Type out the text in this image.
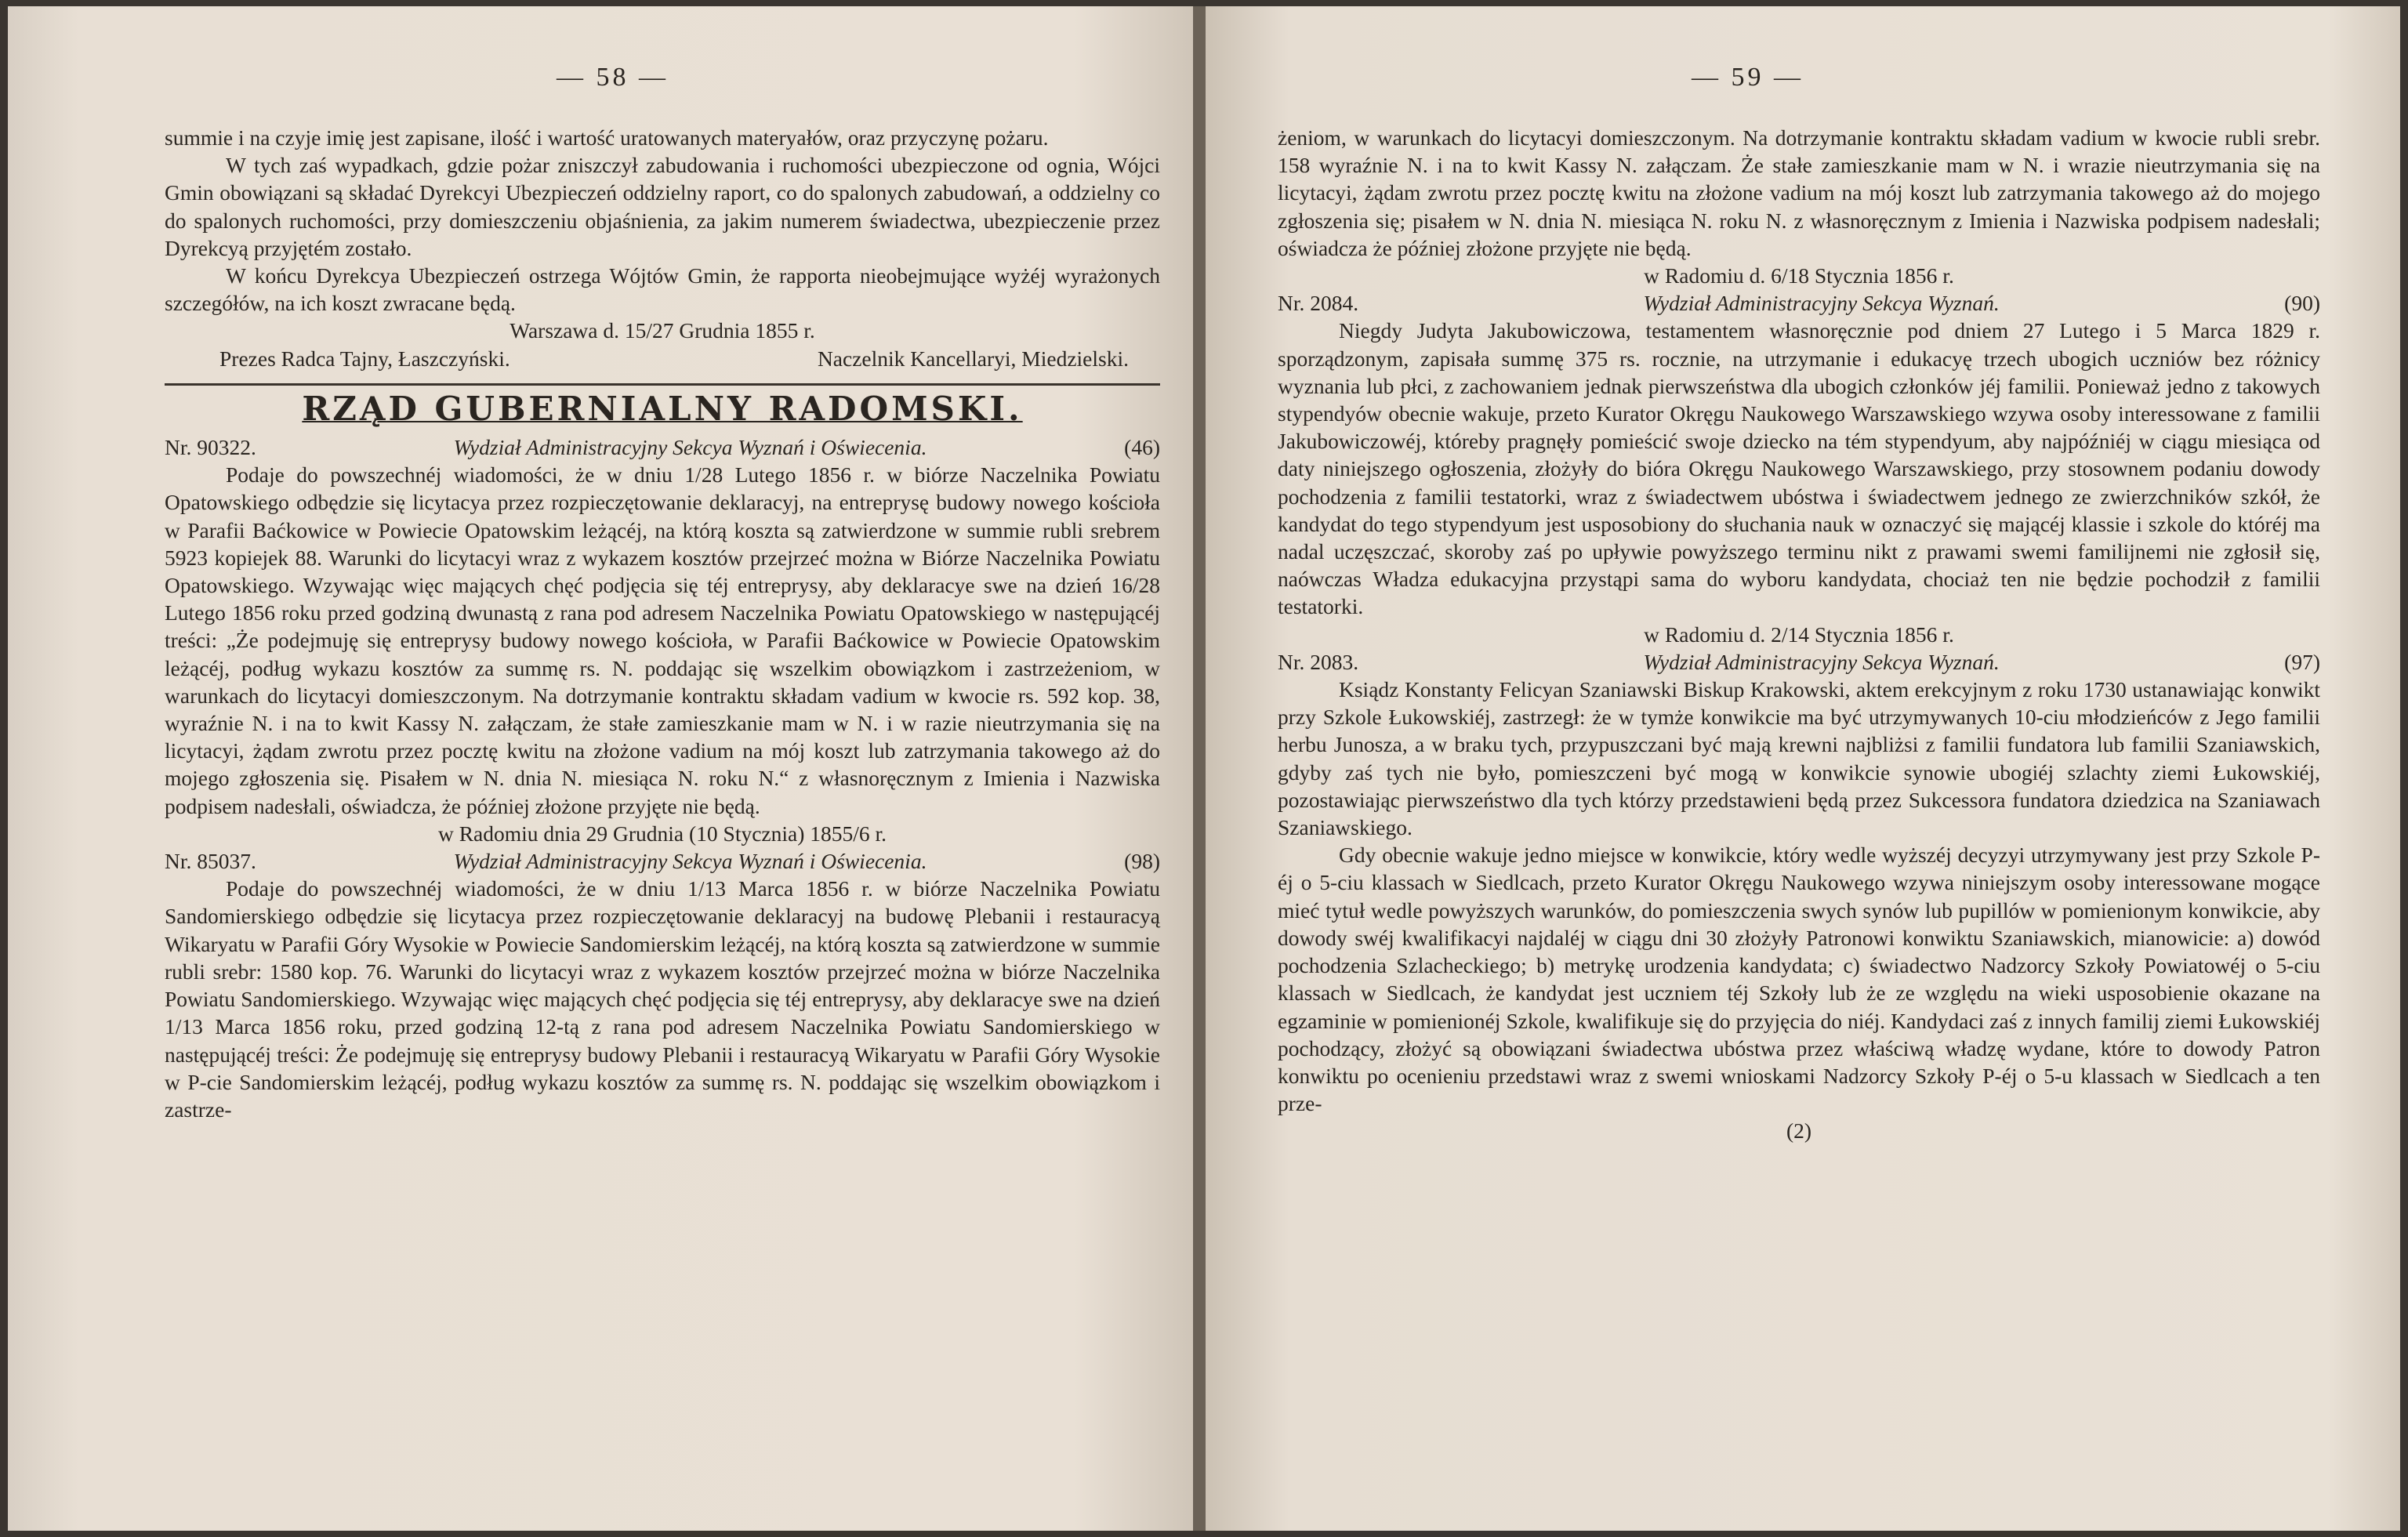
— 58 —

summie i na czyje imię jest zapisane, ilość i wartość uratowanych materyałów, oraz przyczynę pożaru.

W tych zaś wypadkach, gdzie pożar zniszczył zabudowania i ruchomości ubezpieczone od ognia, Wójci Gmin obowiązani są składać Dyrekcyi Ubezpieczeń oddzielny raport, co do spalonych zabudowań, a oddzielny co do spalonych ruchomości, przy domieszczeniu objaśnienia, za jakim numerem świadectwa, ubezpieczenie przez Dyrekcyą przyjętém zostało.

W końcu Dyrekcya Ubezpieczeń ostrzega Wójtów Gmin, że rapporta nieobejmujące wyżéj wyrażonych szczegółów, na ich koszt zwracane będą.

Warszawa d. 15/27 Grudnia 1855 r.

Prezes Radca Tajny, Łaszczyński.	Naczelnik Kancellaryi, Miedzielski.
RZĄD GUBERNIALNY RADOMSKI.
Nr. 90322.	Wydział Administracyjny Sekcya Wyznań i Oświecenia.	(46)

Podaje do powszechnéj wiadomości, że w dniu 1/28 Lutego 1856 r. w biórze Naczelnika Powiatu Opatowskiego odbędzie się licytacya przez rozpieczętowanie deklaracyj, na entreprysę budowy nowego kościoła w Parafii Baćkowice w Powiecie Opatowskim leżącéj, na którą koszta są zatwierdzone w summie rubli srebrem 5923 kopiejek 88. Warunki do licytacyi wraz z wykazem kosztów przejrzeć można w Biórze Naczelnika Powiatu Opatowskiego. Wzywając więc mających chęć podjęcia się téj entreprysy, aby deklaracye swe na dzień 16/28 Lutego 1856 roku przed godziną dwunastą z rana pod adresem Naczelnika Powiatu Opatowskiego w następującéj treści: „Że podejmuję się entreprysy budowy nowego kościoła, w Parafii Baćkowice w Powiecie Opatowskim leżącéj, podług wykazu kosztów za summę rs. N. poddając się wszelkim obowiązkom i zastrzeżeniom, w warunkach do licytacyi domieszczonym. Na dotrzymanie kontraktu składam vadium w kwocie rs. 592 kop. 38, wyraźnie N. i na to kwit Kassy N. załączam, że stałe zamieszkanie mam w N. i w razie nieutrzymania się na licytacyi, żądam zwrotu przez pocztę kwitu na złożone vadium na mój koszt lub zatrzymania takowego aż do mojego zgłoszenia się. Pisałem w N. dnia N. miesiąca N. roku N.“ z własnoręcznym z Imienia i Nazwiska podpisem nadesłali, oświadcza, że później złożone przyjęte nie będą.

w Radomiu dnia 29 Grudnia (10 Stycznia) 1855/6 r.

Nr. 85037.	Wydział Administracyjny Sekcya Wyznań i Oświecenia.	(98)

Podaje do powszechnéj wiadomości, że w dniu 1/13 Marca 1856 r. w biórze Naczelnika Powiatu Sandomierskiego odbędzie się licytacya przez rozpieczętowanie deklaracyj na budowę Plebanii i restauracyą Wikaryatu w Parafii Góry Wysokie w Powiecie Sandomierskim leżącéj, na którą koszta są zatwierdzone w summie rubli srebr: 1580 kop. 76. Warunki do licytacyi wraz z wykazem kosztów przejrzeć można w biórze Naczelnika Powiatu Sandomierskiego. Wzywając więc mających chęć podjęcia się téj entreprysy, aby deklaracye swe na dzień 1/13 Marca 1856 roku, przed godziną 12-tą z rana pod adresem Naczelnika Powiatu Sandomierskiego w następującéj treści: Że podejmuję się entreprysy budowy Plebanii i restauracyą Wikaryatu w Parafii Góry Wysokie w P-cie Sandomierskim leżącéj, podług wykazu kosztów za summę rs. N. poddając się wszelkim obowiązkom i zastrze-

— 59 —

żeniom, w warunkach do licytacyi domieszczonym. Na dotrzymanie kontraktu składam vadium w kwocie rubli srebr. 158 wyraźnie N. i na to kwit Kassy N. załączam. Że stałe zamieszkanie mam w N. i wrazie nieutrzymania się na licytacyi, żądam zwrotu przez pocztę kwitu na złożone vadium na mój koszt lub zatrzymania takowego aż do mojego zgłoszenia się; pisałem w N. dnia N. miesiąca N. roku N. z własnoręcznym z Imienia i Nazwiska podpisem nadesłali; oświadcza że później złożone przyjęte nie będą.

w Radomiu d. 6/18 Stycznia 1856 r.

Nr. 2084.	Wydział Administracyjny Sekcya Wyznań.	(90)

Niegdy Judyta Jakubowiczowa, testamentem własnoręcznie pod dniem 27 Lutego i 5 Marca 1829 r. sporządzonym, zapisała summę 375 rs. rocznie, na utrzymanie i edukacyę trzech ubogich uczniów bez różnicy wyznania lub płci, z zachowaniem jednak pierwszeństwa dla ubogich członków jéj familii. Ponieważ jedno z takowych stypendyów obecnie wakuje, przeto Kurator Okręgu Naukowego Warszawskiego wzywa osoby interessowane z familii Jakubowiczowéj, któreby pragnęły pomieścić swoje dziecko na tém stypendyum, aby najpóźniéj w ciągu miesiąca od daty niniejszego ogłoszenia, złożyły do bióra Okręgu Naukowego Warszawskiego, przy stosownem podaniu dowody pochodzenia z familii testatorki, wraz z świadectwem ubóstwa i świadectwem jednego ze zwierzchników szkół, że kandydat do tego stypendyum jest usposobiony do słuchania nauk w oznaczyć się mającéj klassie i szkole do któréj ma nadal uczęszczać, skoroby zaś po upływie powyższego terminu nikt z prawami swemi familijnemi nie zgłosił się, naówczas Władza edukacyjna przystąpi sama do wyboru kandydata, chociaż ten nie będzie pochodził z familii testatorki.

w Radomiu d. 2/14 Stycznia 1856 r.

Nr. 2083.	Wydział Administracyjny Sekcya Wyznań.	(97)

Ksiądz Konstanty Felicyan Szaniawski Biskup Krakowski, aktem erekcyjnym z roku 1730 ustanawiając konwikt przy Szkole Łukowskiéj, zastrzegł: że w tymże konwikcie ma być utrzymywanych 10-ciu młodzieńców z Jego familii herbu Junosza, a w braku tych, przypuszczani być mają krewni najbliżsi z familii fundatora lub familii Szaniawskich, gdyby zaś tych nie było, pomieszczeni być mogą w konwikcie synowie ubogiéj szlachty ziemi Łukowskiéj, pozostawiając pierwszeństwo dla tych którzy przedstawieni będą przez Sukcessora fundatora dziedzica na Szaniawach Szaniawskiego.

Gdy obecnie wakuje jedno miejsce w konwikcie, który wedle wyższéj decyzyi utrzymywany jest przy Szkole P-éj o 5-ciu klassach w Siedlcach, przeto Kurator Okręgu Naukowego wzywa niniejszym osoby interessowane mogące mieć tytuł wedle powyższych warunków, do pomieszczenia swych synów lub pupillów w pomienionym konwikcie, aby dowody swéj kwalifikacyi najdaléj w ciągu dni 30 złożyły Patronowi konwiktu Szaniawskich, mianowicie: a) dowód pochodzenia Szlacheckiego; b) metrykę urodzenia kandydata; c) świadectwo Nadzorcy Szkoły Powiatowéj o 5-ciu klassach w Siedlcach, że kandydat jest uczniem téj Szkoły lub że ze względu na wieki usposobienie okazane na egzaminie w pomienionéj Szkole, kwalifikuje się do przyjęcia do niéj. Kandydaci zaś z innych familij ziemi Łukowskiéj pochodzący, złożyć są obowiązani świadectwa ubóstwa przez właściwą władzę wydane, które to dowody Patron konwiktu po ocenieniu przedstawi wraz z swemi wnioskami Nadzorcy Szkoły P-éj o 5-u klassach w Siedlcach a ten prze-

(2)
